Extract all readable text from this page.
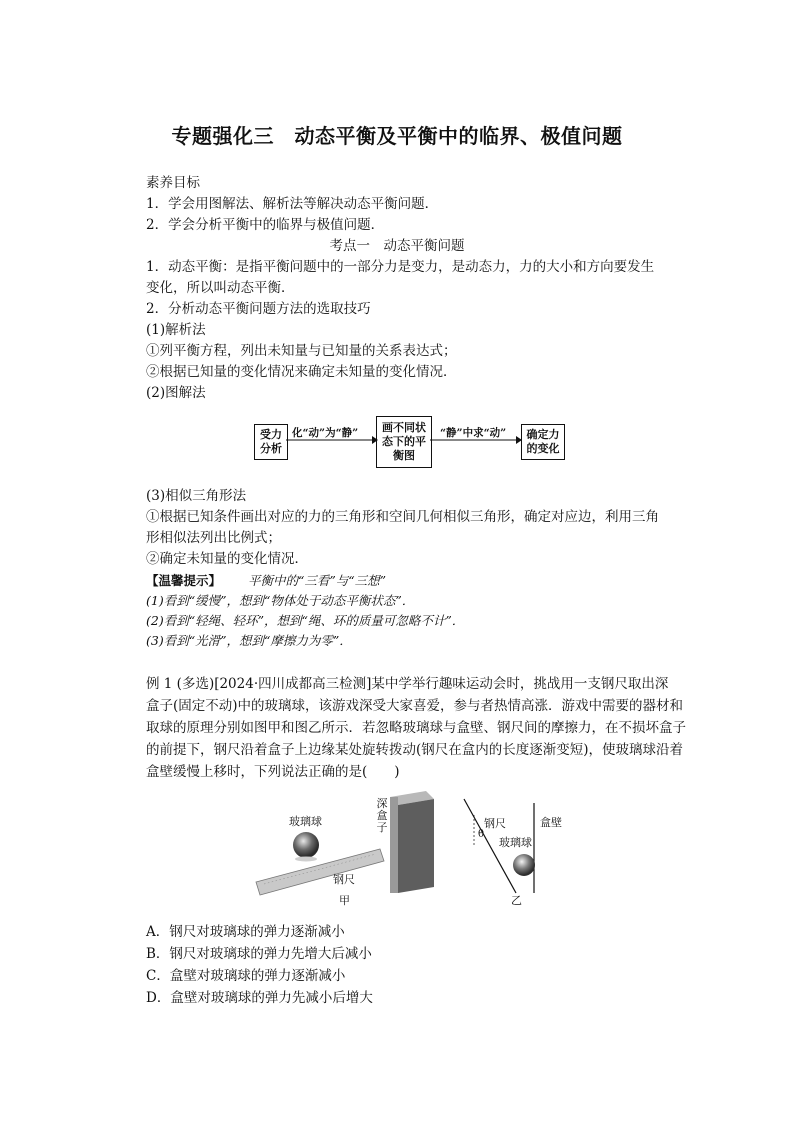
专题强化三　动态平衡及平衡中的临界、极值问题
素养目标
1．学会用图解法、解析法等解决动态平衡问题．
2．学会分析平衡中的临界与极值问题．
考点一　动态平衡问题
1．动态平衡：是指平衡问题中的一部分力是变力，是动态力，力的大小和方向要发生
变化，所以叫动态平衡．
2．分析动态平衡问题方法的选取技巧
(1)解析法
①列平衡方程，列出未知量与已知量的关系表达式；
②根据已知量的变化情况来确定未知量的变化情况．
(2)图解法
受力
分析
化“动”为“静” 画不同状
态下的平
衡图
“静”中求“动” 确定力
的变化
(3)相似三角形法
①根据已知条件画出对应的力的三角形和空间几何相似三角形，确定对应边，利用三角
形相似法列出比例式；
②确定未知量的变化情况．
【温馨提示】 平衡中的“三看”与“三想”
(1)看到“缓慢”，想到“物体处于动态平衡状态”．
(2)看到“轻绳、轻环”，想到“绳、环的质量可忽略不计”．
(3)看到“光滑”，想到“摩擦力为零”．
例 1 (多选)[2024·四川成都高三检测]某中学举行趣味运动会时，挑战用一支钢尺取出深
盒子(固定不动)中的玻璃球，该游戏深受大家喜爱，参与者热情高涨．游戏中需要的器材和
取球的原理分别如图甲和图乙所示．若忽略玻璃球与盒壁、钢尺间的摩擦力，在不损坏盒子
的前提下，钢尺沿着盒子上边缘某处旋转拨动(钢尺在盒内的长度逐渐变短)，使玻璃球沿着
盒壁缓慢上移时，下列说法正确的是(　　)
玻璃球
深
盒
子
钢尺
甲
钢尺
θ
玻璃球
盒壁
乙
A．钢尺对玻璃球的弹力逐渐减小
B．钢尺对玻璃球的弹力先增大后减小
C．盒壁对玻璃球的弹力逐渐减小
D．盒壁对玻璃球的弹力先减小后增大
